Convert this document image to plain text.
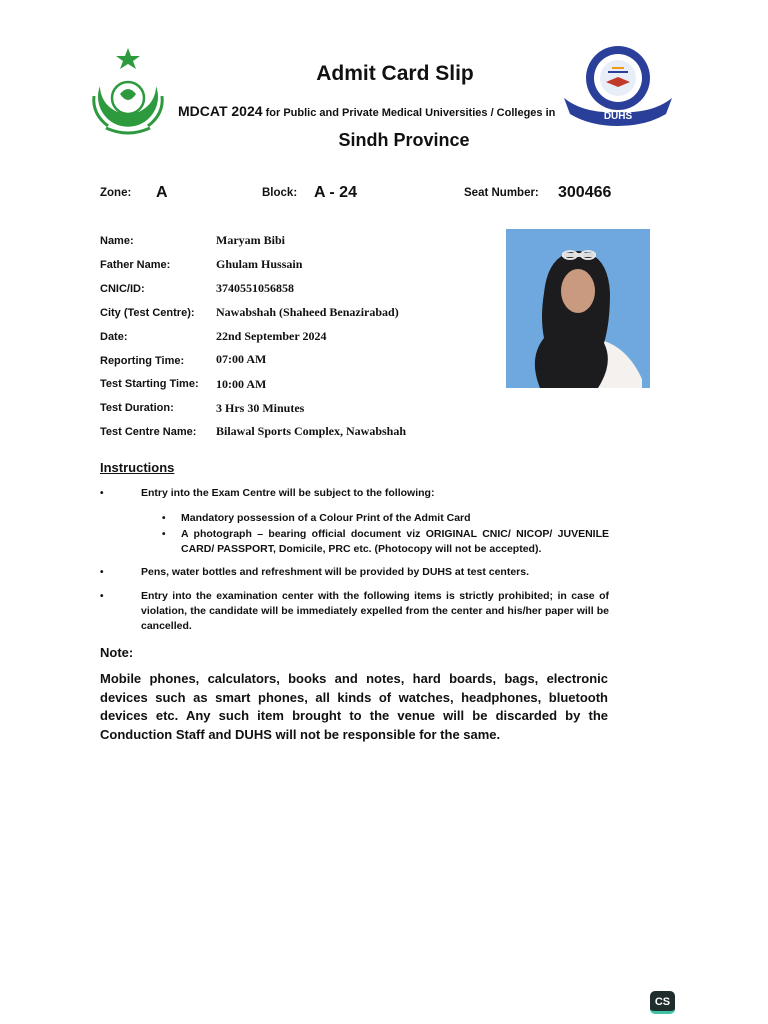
DUHS
Admit Card Slip
MDCAT 2024 for Public and Private Medical Universities / Colleges in
Sindh Province
Zone: A	Block: A - 24	Seat Number: 300466
Name:	Maryam Bibi
Father Name:	Ghulam Hussain
CNIC/ID:	3740551056858
City (Test Centre): Nawabshah (Shaheed Benazirabad)
Date:	22nd September 2024
Reporting Time:	07:00 AM
Test Starting Time: 10:00 AM
Test Duration:	3 Hrs 30 Minutes
Test Centre Name: Bilawal Sports Complex, Nawabshah
Instructions
•	Entry into the Exam Centre will be subject to the following:
• Mandatory possession of a Colour Print of the Admit Card
• A photograph – bearing official document viz ORIGINAL CNIC/ NICOP/ JUVENILE CARD/ PASSPORT, Domicile, PRC etc. (Photocopy will not be accepted).
•	Pens, water bottles and refreshment will be provided by DUHS at test centers.
•	Entry into the examination center with the following items is strictly prohibited; in case of violation, the candidate will be immediately expelled from the center and his/her paper will be cancelled.
Note:
Mobile phones, calculators, books and notes, hard boards, bags, electronic devices such as smart phones, all kinds of watches, headphones, bluetooth devices etc. Any such item brought to the venue will be discarded by the Conduction Staff and DUHS will not be responsible for the same.
CS
